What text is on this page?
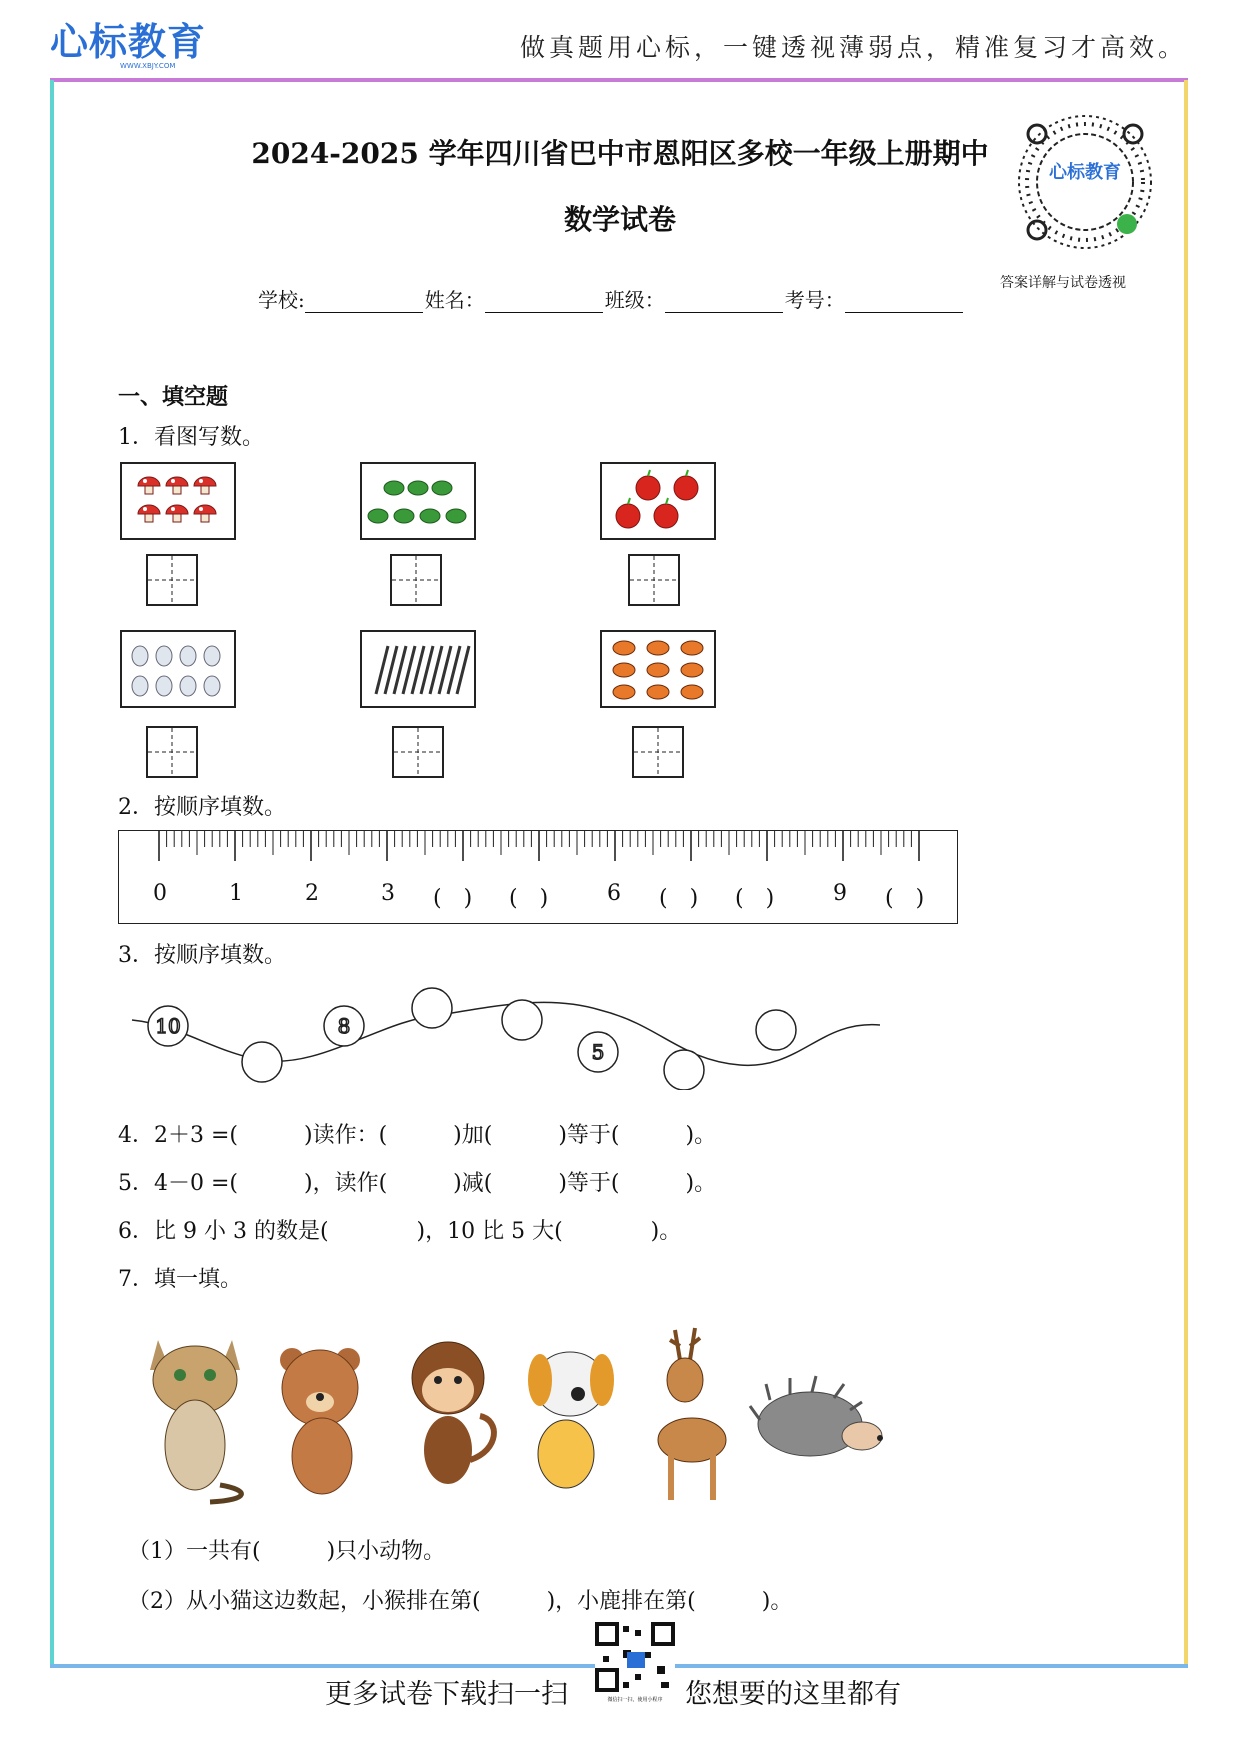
心标教育
WWW.XBJY.COM
做真题用心标，一键透视薄弱点，精准复习才高效。
2024-2025 学年四川省巴中市恩阳区多校一年级上册期中
数学试卷
心标教育
答案详解与试卷透视
学校:	姓名：	班级：	考号：
一、填空题
1．看图写数。
2．按顺序填数。
0	1	2	3 (　) (　)	6 (　) (　)	9 (　)
3．按顺序填数。
10	8
5
4．2＋3 =(　　　)读作：(　　　)加(　　　)等于(　　　)。
5．4－0 =(　　　)，读作(　　　)减(　　　)等于(　　　)。
6．比 9 小 3 的数是(　　　　)，10 比 5 大(　　　　)。
7．填一填。
（1）一共有(　　　)只小动物。
（2）从小猫这边数起，小猴排在第(　　　)，小鹿排在第(　　　)。
更多试卷下载扫一扫	微信扫一扫，使用小程序 您想要的这里都有
